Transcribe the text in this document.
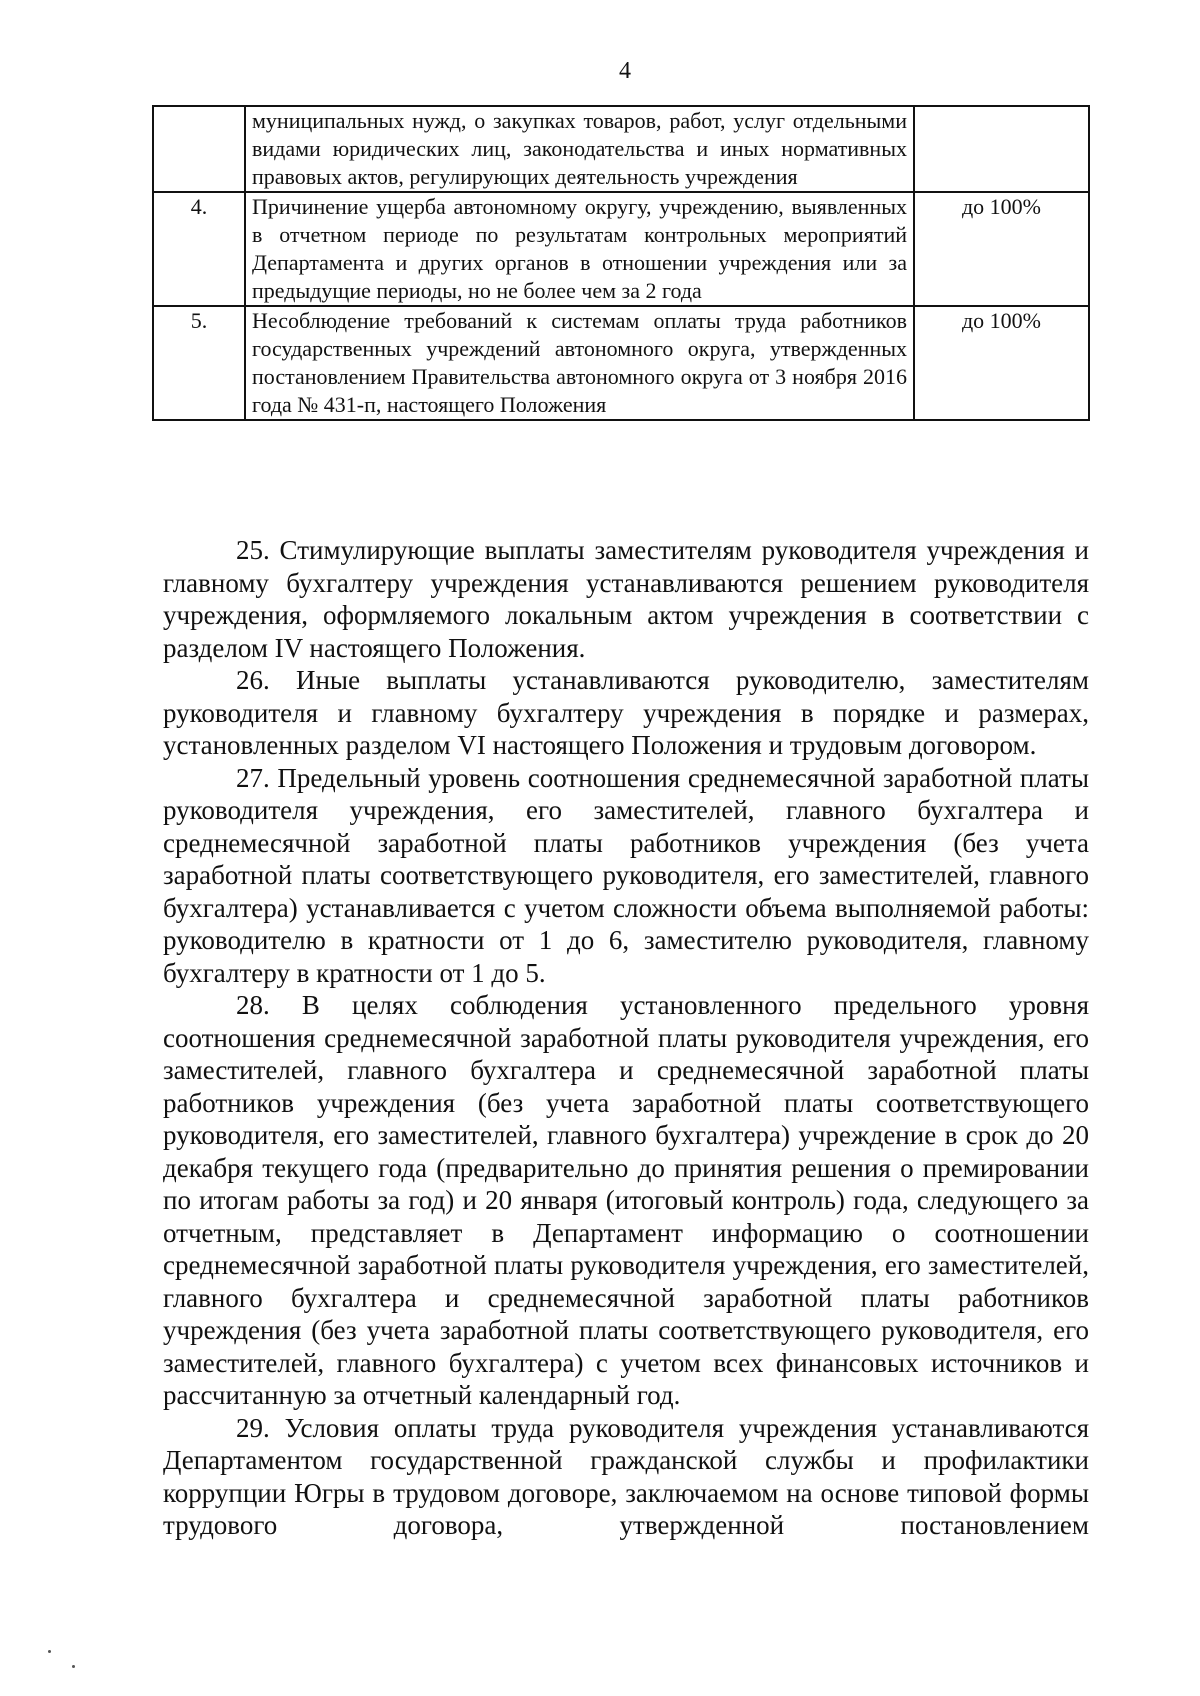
4
	муниципальных нужд, о закупках товаров, работ, услуг отдельными видами юридических лиц, законодательства и иных нормативных правовых актов, регулирующих деятельность учреждения	
4.	Причинение ущерба автономному округу, учреждению, выявленных в отчетном периоде по результатам контрольных мероприятий Департамента и других органов в отношении учреждения или за предыдущие периоды, но не более чем за 2 года	до 100%
5.	Несоблюдение требований к системам оплаты труда работников государственных учреждений автономного округа, утвержденных постановлением Правительства автономного округа от 3 ноября 2016 года № 431-п, настоящего Положения	до 100%

25. Стимулирующие выплаты заместителям руководителя учреждения и главному бухгалтеру учреждения устанавливаются решением руководителя учреждения, оформляемого локальным актом учреждения в соответствии с разделом IV настоящего Положения.

26. Иные выплаты устанавливаются руководителю, заместителям руководителя и главному бухгалтеру учреждения в порядке и размерах, установленных разделом VI настоящего Положения и трудовым договором.

27. Предельный уровень соотношения среднемесячной заработной платы руководителя учреждения, его заместителей, главного бухгалтера и среднемесячной заработной платы работников учреждения (без учета заработной платы соответствующего руководителя, его заместителей, главного бухгалтера) устанавливается с учетом сложности объема выполняемой работы: руководителю в кратности от 1 до 6, заместителю руководителя, главному бухгалтеру в кратности от 1 до 5.

28. В целях соблюдения установленного предельного уровня соотношения среднемесячной заработной платы руководителя учреждения, его заместителей, главного бухгалтера и среднемесячной заработной платы работников учреждения (без учета заработной платы соответствующего руководителя, его заместителей, главного бухгалтера) учреждение в срок до 20 декабря текущего года (предварительно до принятия решения о премировании по итогам работы за год) и 20 января (итоговый контроль) года, следующего за отчетным, представляет в Департамент информацию о соотношении среднемесячной заработной платы руководителя учреждения, его заместителей, главного бухгалтера и среднемесячной заработной платы работников учреждения (без учета заработной платы соответствующего руководителя, его заместителей, главного бухгалтера) с учетом всех финансовых источников и рассчитанную за отчетный календарный год.

29. Условия оплаты труда руководителя учреждения устанавливаются Департаментом государственной гражданской службы и профилактики коррупции Югры в трудовом договоре, заключаемом на основе типовой формы трудового договора, утвержденной постановлением
